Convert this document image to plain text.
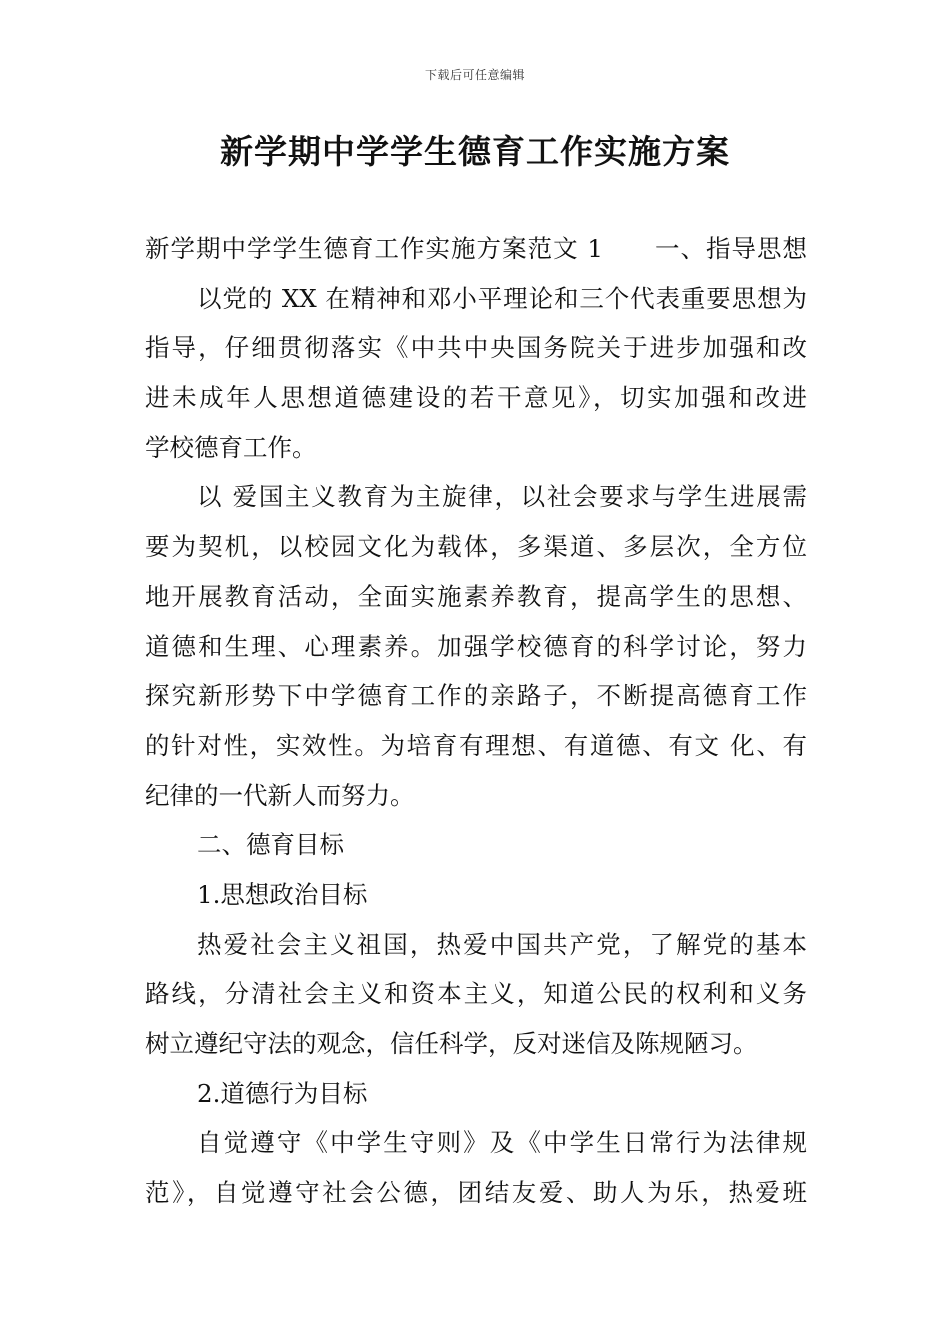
下载后可任意编辑
新学期中学学生德育工作实施方案
新学期中学学生德育工作实施方案范文 1　　一、指导思想
以党的 XX 在精神和邓小平理论和三个代表重要思想为
指导，仔细贯彻落实《中共中央国务院关于进步加强和改
进未成年人思想道德建设的若干意见》，切实加强和改进
学校德育工作。
以 爱国主义教育为主旋律，以社会要求与学生进展需
要为契机，以校园文化为载体，多渠道、多层次，全方位
地开展教育活动，全面实施素养教育，提高学生的思想、
道德和生理、心理素养。加强学校德育的科学讨论，努力
探究新形势下中学德育工作的亲路子，不断提高德育工作
的针对性，实效性。为培育有理想、有道德、有文 化、有
纪律的一代新人而努力。
二、德育目标
1.思想政治目标
热爱社会主义祖国，热爱中国共产党，了解党的基本
路线，分清社会主义和资本主义，知道公民的权利和义务
树立遵纪守法的观念，信任科学，反对迷信及陈规陋习。
2.道德行为目标
自觉遵守《中学生守则》及《中学生日常行为法律规
范》，自觉遵守社会公德，团结友爱、助人为乐，热爱班
